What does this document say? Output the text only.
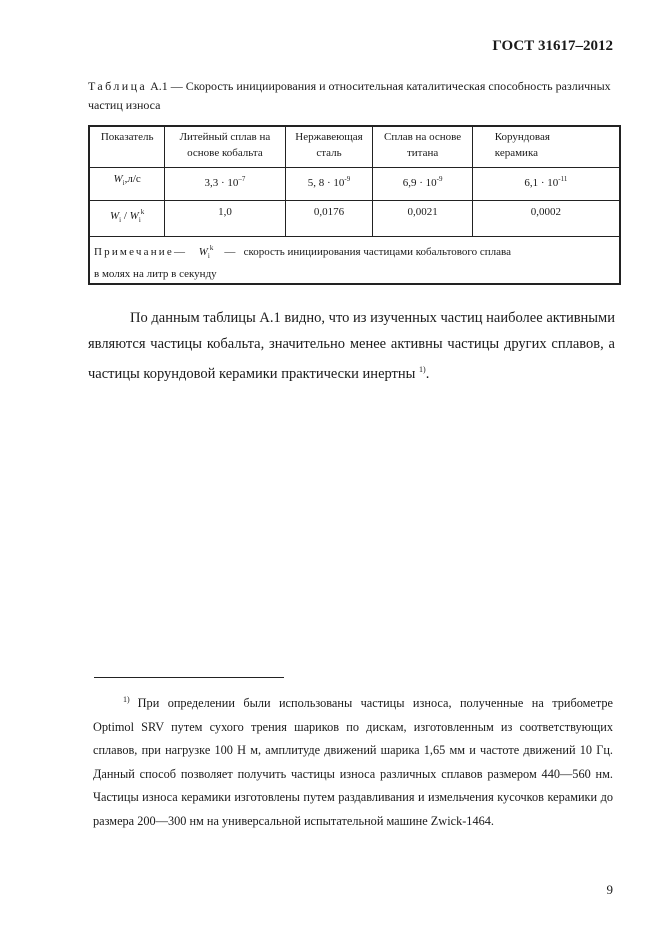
ГОСТ 31617–2012
Таблица А.1 — Скорость инициирования и относительная каталитическая способность различных частиц износа
Показатель	Литейный сплав на основе кобальта	Нержавеющая сталь	Сплав на основе титана	Корундовая керамика
$W_i,л/с$	$3,3 \cdot 10^{-7}$	5, $8 \cdot 10^{-9}$	$6,9 \cdot 10^{-9}$	$6,1 \cdot 10^{-11}$
$W_i / W_i^k$	1,0	0,0176	0,0021	0,0002

Примечание— $W_i^k$ — скорость инициирования частицами кобальтового сплава
в молях на литр в секунду				
По данным таблицы А.1 видно, что из изученных частиц наиболее активными являются частицы кобальта, значительно менее активны частицы других сплавов, а частицы корундовой керамики практически инертны $^{1)}$.
$^{1)}$ При определении были использованы частицы износа, полученные на трибометре Optimol SRV путем сухого трения шариков по дискам, изготовленным из соответствующих сплавов, при нагрузке 100 Н м, амплитуде движений шарика 1,65 мм и частоте движений 10 Гц. Данный способ позволяет получить частицы износа различных сплавов размером 440—560 нм. Частицы износа керамики изготовлены путем раздавливания и измельчения кусочков керамики до размера 200—300 нм на универсальной испытательной машине Zwick-1464.
9
